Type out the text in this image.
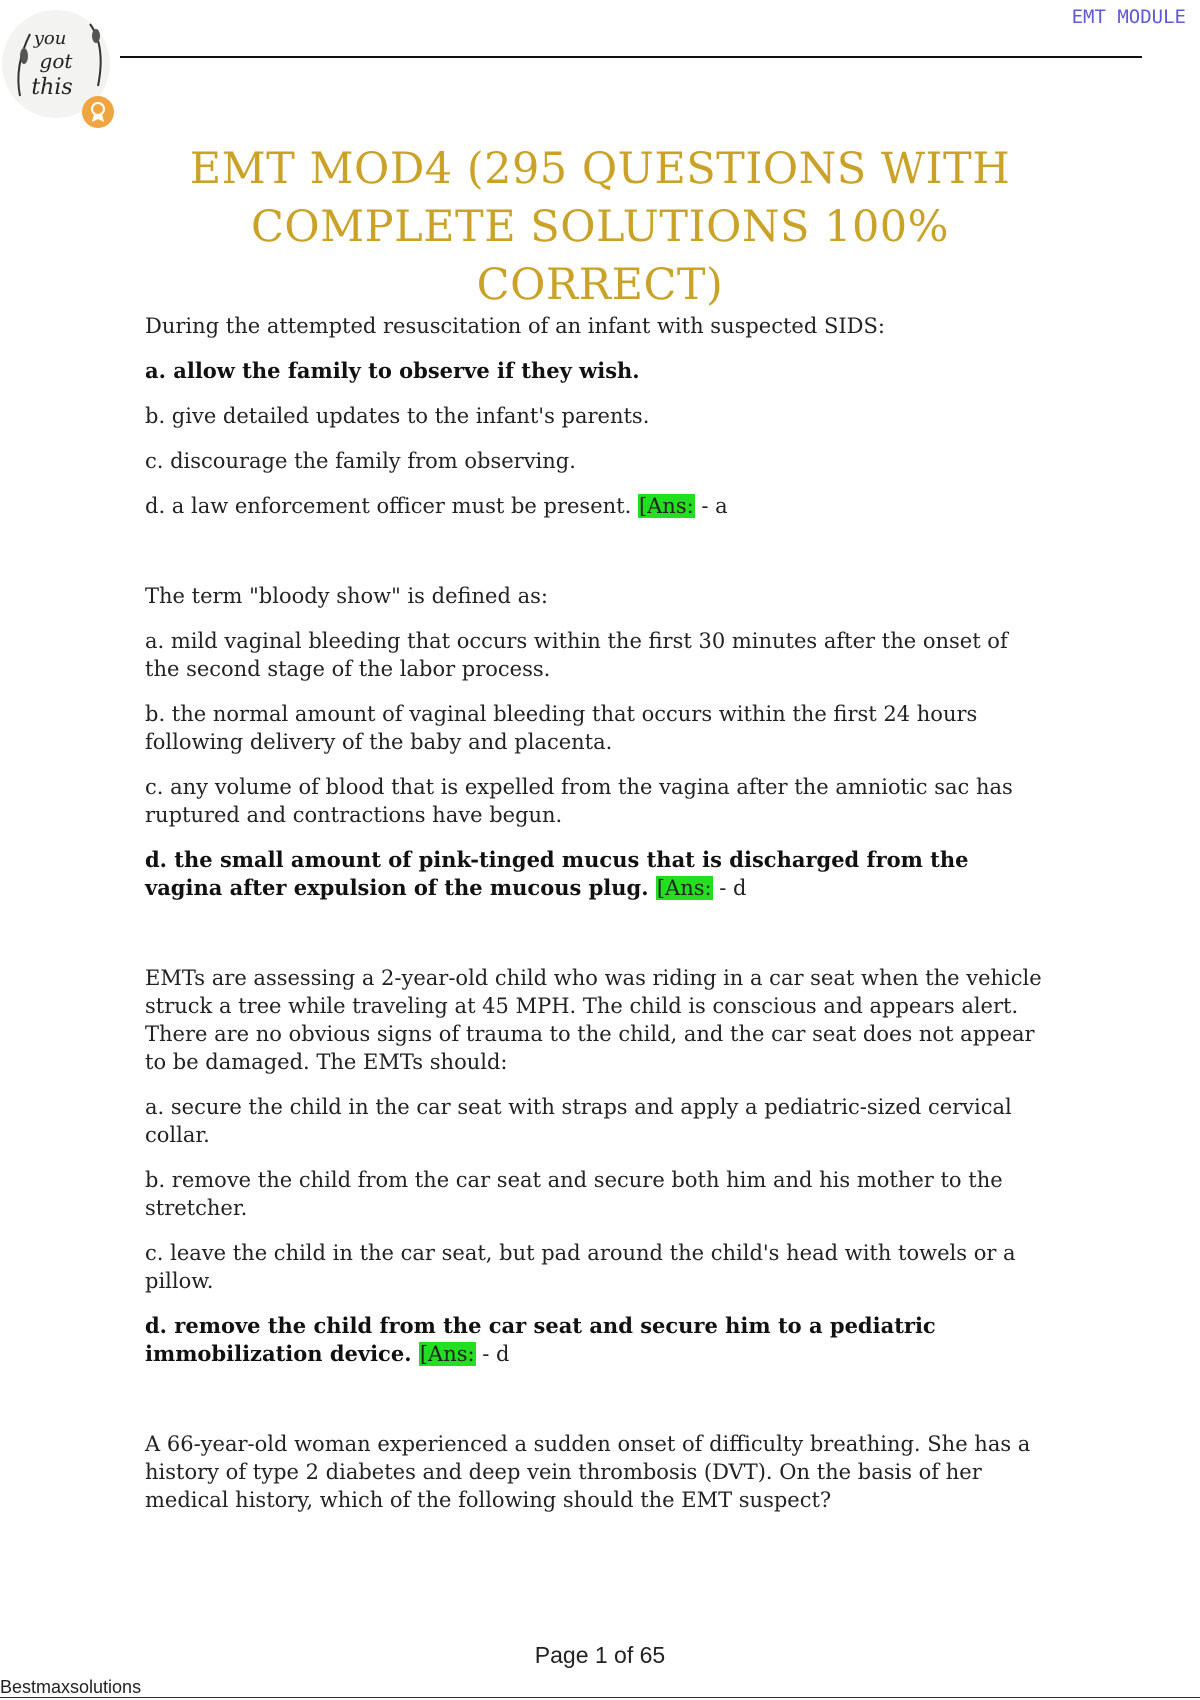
EMT MODULE
you
got
this
EMT MOD4 (295 QUESTIONS WITH COMPLETE SOLUTIONS 100% CORRECT)

During the attempted resuscitation of an infant with suspected SIDS:

a. allow the family to observe if they wish.

b. give detailed updates to the infant's parents.

c. discourage the family from observing.

d. a law enforcement officer must be present. [Ans: - a

The term "bloody show" is defined as:

a. mild vaginal bleeding that occurs within the first 30 minutes after the onset of the second stage of the labor process.

b. the normal amount of vaginal bleeding that occurs within the first 24 hours following delivery of the baby and placenta.

c. any volume of blood that is expelled from the vagina after the amniotic sac has ruptured and contractions have begun.

d. the small amount of pink-tinged mucus that is discharged from the vagina after expulsion of the mucous plug. [Ans: - d

EMTs are assessing a 2-year-old child who was riding in a car seat when the vehicle struck a tree while traveling at 45 MPH. The child is conscious and appears alert. There are no obvious signs of trauma to the child, and the car seat does not appear to be damaged. The EMTs should:

a. secure the child in the car seat with straps and apply a pediatric-sized cervical collar.

b. remove the child from the car seat and secure both him and his mother to the stretcher.

c. leave the child in the car seat, but pad around the child's head with towels or a pillow.

d. remove the child from the car seat and secure him to a pediatric immobilization device. [Ans: - d

A 66-year-old woman experienced a sudden onset of difficulty breathing. She has a history of type 2 diabetes and deep vein thrombosis (DVT). On the basis of her medical history, which of the following should the EMT suspect?

Page 1 of 65
Bestmaxsolutions
